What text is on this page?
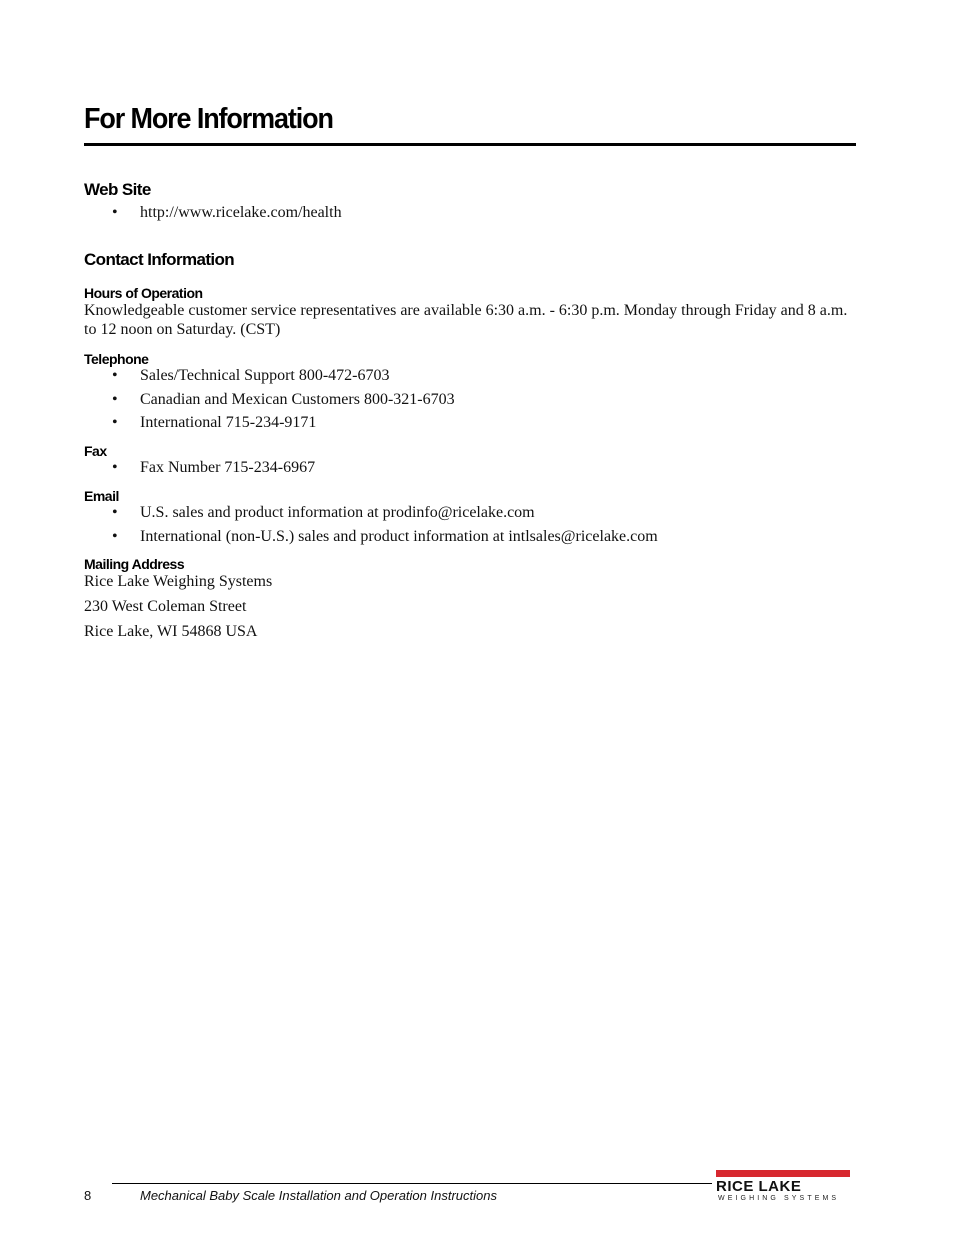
For More Information
Web Site
•	http://www.ricelake.com/health
Contact Information
Hours of Operation

Knowledgeable customer service representatives are available 6:30 a.m. - 6:30 p.m. Monday through Friday and 8 a.m. to 12 noon on Saturday. (CST)

Telephone
•	Sales/Technical Support 800-472-6703
•	Canadian and Mexican Customers 800-321-6703
•	International 715-234-9171
Fax
•	Fax Number 715-234-6967
Email
•	U.S. sales and product information at prodinfo@ricelake.com
•	International (non-U.S.) sales and product information at intlsales@ricelake.com
Mailing Address

Rice Lake Weighing Systems

230 West Coleman Street

Rice Lake, WI 54868 USA

8	Mechanical Baby Scale Installation and Operation Instructions
RICE LAKE
WEIGHING SYSTEMS
